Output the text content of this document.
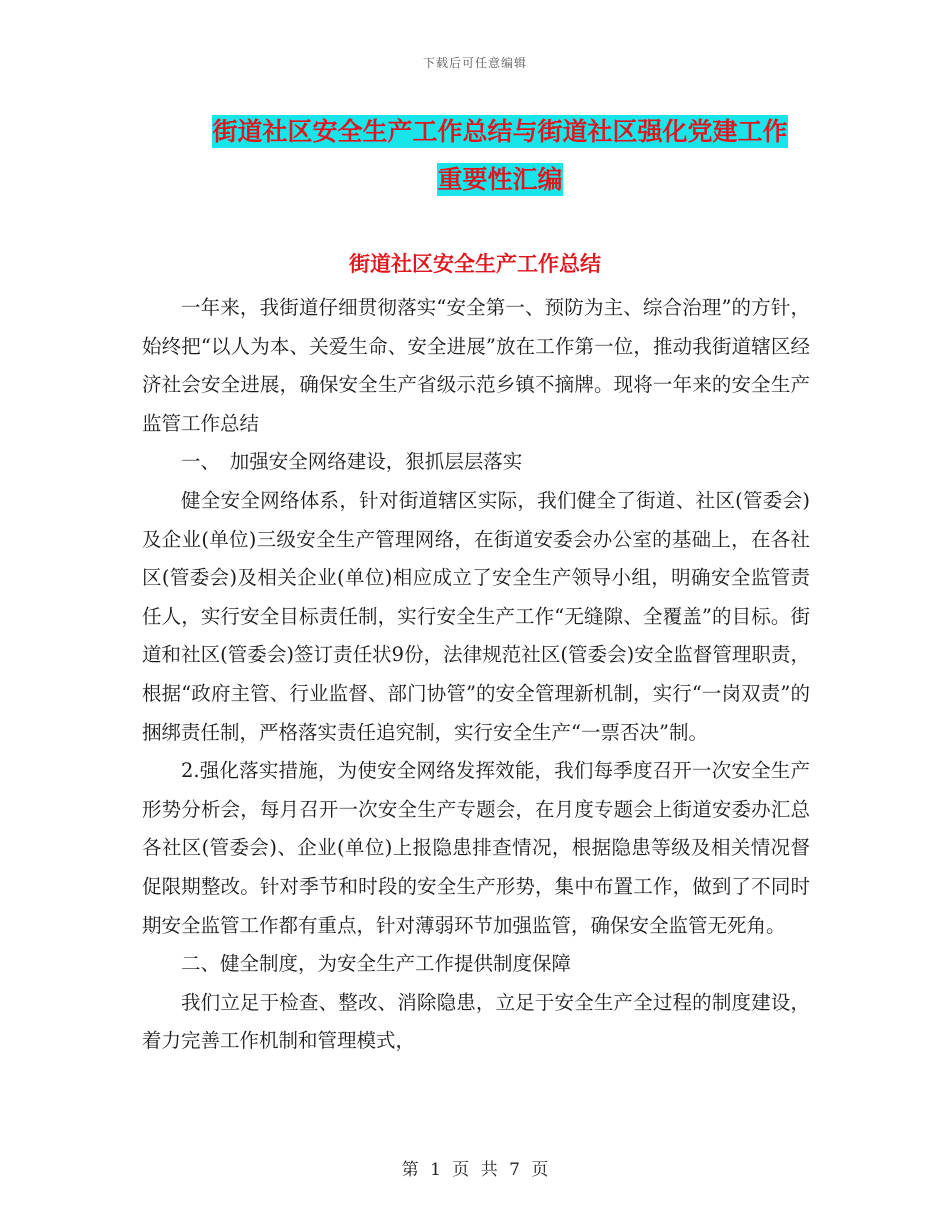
下载后可任意编辑
街道社区安全生产工作总结与街道社区强化党建工作
重要性汇编
街道社区安全生产工作总结

一年来，我街道仔细贯彻落实“安全第一、预防为主、综合治理”的方针，始终把“以人为本、关爱生命、安全进展”放在工作第一位，推动我街道辖区经济社会安全进展，确保安全生产省级示范乡镇不摘牌。现将一年来的安全生产监管工作总结

一、　加强安全网络建设，狠抓层层落实

健全安全网络体系，针对街道辖区实际，我们健全了街道、社区(管委会)及企业(单位)三级安全生产管理网络，在街道安委会办公室的基础上，在各社区(管委会)及相关企业(单位)相应成立了安全生产领导小组，明确安全监管责任人，实行安全目标责任制，实行安全生产工作“无缝隙、全覆盖”的目标。街道和社区(管委会)签订责任状9份，法律规范社区(管委会)安全监督管理职责，根据“政府主管、行业监督、部门协管”的安全管理新机制，实行“一岗双责”的捆绑责任制，严格落实责任追究制，实行安全生产“一票否决”制。

2.强化落实措施，为使安全网络发挥效能，我们每季度召开一次安全生产形势分析会，每月召开一次安全生产专题会，在月度专题会上街道安委办汇总各社区(管委会)、企业(单位)上报隐患排查情况，根据隐患等级及相关情况督促限期整改。针对季节和时段的安全生产形势，集中布置工作，做到了不同时期安全监管工作都有重点，针对薄弱环节加强监管，确保安全监管无死角。

二、健全制度，为安全生产工作提供制度保障

我们立足于检查、整改、消除隐患，立足于安全生产全过程的制度建设，着力完善工作机制和管理模式，

第 1 页 共 7 页
